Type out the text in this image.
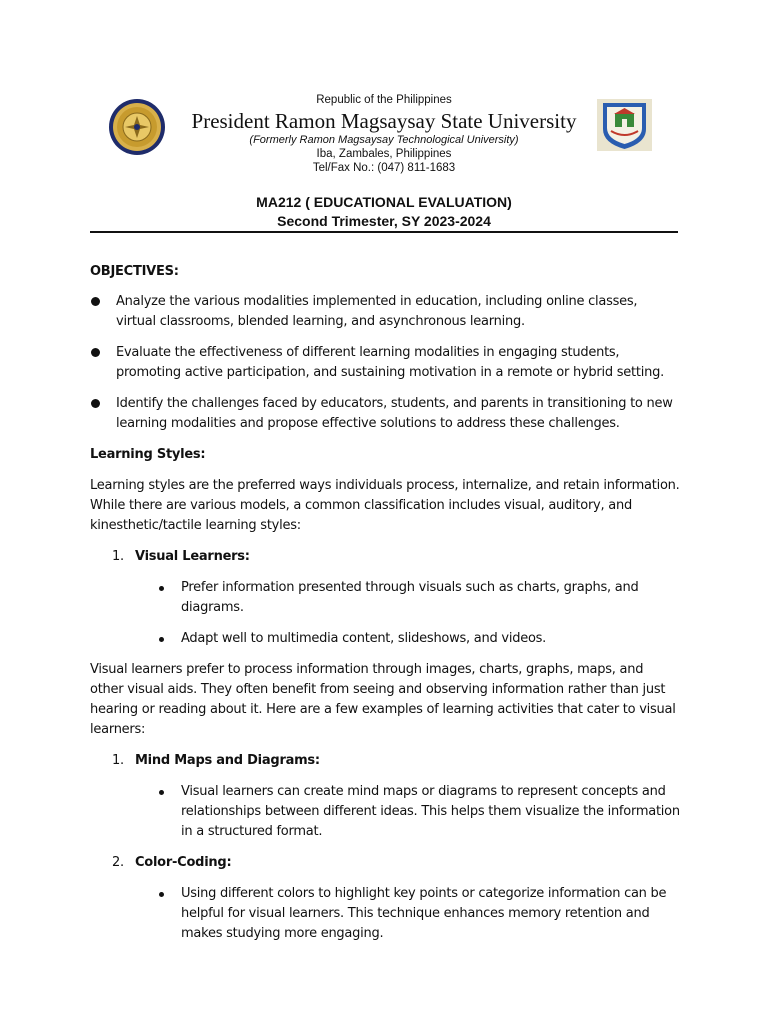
Republic of the Philippines
President Ramon Magsaysay State University
(Formerly Ramon Magsaysay Technological University)
Iba, Zambales, Philippines
Tel/Fax No.: (047) 811-1683
MA212 ( EDUCATIONAL EVALUATION)
Second Trimester, SY 2023-2024

OBJECTIVES:

Analyze the various modalities implemented in education, including online classes, virtual classrooms, blended learning, and asynchronous learning.
Evaluate the effectiveness of different learning modalities in engaging students, promoting active participation, and sustaining motivation in a remote or hybrid setting.
Identify the challenges faced by educators, students, and parents in transitioning to new learning modalities and propose effective solutions to address these challenges.

Learning Styles:

Learning styles are the preferred ways individuals process, internalize, and retain information. While there are various models, a common classification includes visual, auditory, and kinesthetic/tactile learning styles:

1. Visual Learners:
Prefer information presented through visuals such as charts, graphs, and diagrams.
Adapt well to multimedia content, slideshows, and videos.

Visual learners prefer to process information through images, charts, graphs, maps, and other visual aids. They often benefit from seeing and observing information rather than just hearing or reading about it. Here are a few examples of learning activities that cater to visual learners:

1. Mind Maps and Diagrams:
Visual learners can create mind maps or diagrams to represent concepts and relationships between different ideas. This helps them visualize the information in a structured format.
2. Color-Coding:
Using different colors to highlight key points or categorize information can be helpful for visual learners. This technique enhances memory retention and makes studying more engaging.
